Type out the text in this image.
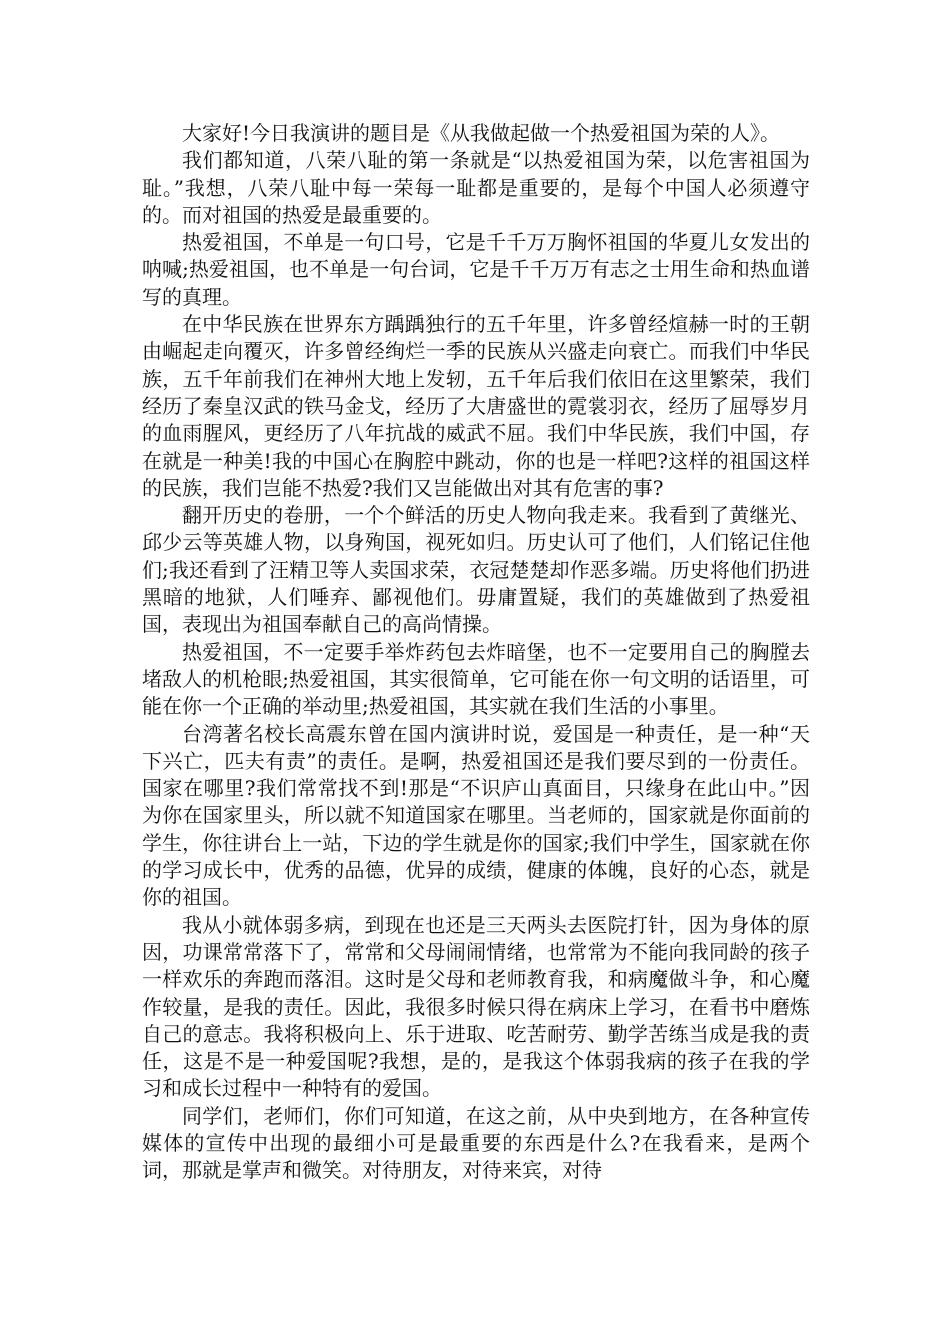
大家好!今日我演讲的题目是《从我做起做一个热爱祖国为荣的人》。

我们都知道，八荣八耻的第一条就是“以热爱祖国为荣，以危害祖国为耻。”我想，八荣八耻中每一荣每一耻都是重要的，是每个中国人必须遵守的。而对祖国的热爱是最重要的。

热爱祖国，不单是一句口号，它是千千万万胸怀祖国的华夏儿女发出的呐喊;热爱祖国，也不单是一句台词，它是千千万万有志之士用生命和热血谱写的真理。

在中华民族在世界东方踽踽独行的五千年里，许多曾经煊赫一时的王朝由崛起走向覆灭，许多曾经绚烂一季的民族从兴盛走向衰亡。而我们中华民族，五千年前我们在神州大地上发轫，五千年后我们依旧在这里繁荣，我们经历了秦皇汉武的铁马金戈，经历了大唐盛世的霓裳羽衣，经历了屈辱岁月的血雨腥风，更经历了八年抗战的威武不屈。我们中华民族，我们中国，存在就是一种美!我的中国心在胸腔中跳动，你的也是一样吧?这样的祖国这样的民族，我们岂能不热爱?我们又岂能做出对其有危害的事?

翻开历史的卷册，一个个鲜活的历史人物向我走来。我看到了黄继光、邱少云等英雄人物，以身殉国，视死如归。历史认可了他们，人们铭记住他们;我还看到了汪精卫等人卖国求荣，衣冠楚楚却作恶多端。历史将他们扔进黑暗的地狱，人们唾弃、鄙视他们。毋庸置疑，我们的英雄做到了热爱祖国，表现出为祖国奉献自己的高尚情操。

热爱祖国，不一定要手举炸药包去炸暗堡，也不一定要用自己的胸膛去堵敌人的机枪眼;热爱祖国，其实很简单，它可能在你一句文明的话语里，可能在你一个正确的举动里;热爱祖国，其实就在我们生活的小事里。

台湾著名校长高震东曾在国内演讲时说，爱国是一种责任，是一种“天下兴亡，匹夫有责”的责任。是啊，热爱祖国还是我们要尽到的一份责任。国家在哪里?我们常常找不到!那是“不识庐山真面目，只缘身在此山中。”因为你在国家里头，所以就不知道国家在哪里。当老师的，国家就是你面前的学生，你往讲台上一站，下边的学生就是你的国家;我们中学生，国家就在你的学习成长中，优秀的品德，优异的成绩，健康的体魄，良好的心态，就是你的祖国。

我从小就体弱多病，到现在也还是三天两头去医院打针，因为身体的原因，功课常常落下了，常常和父母闹闹情绪，也常常为不能向我同龄的孩子一样欢乐的奔跑而落泪。这时是父母和老师教育我，和病魔做斗争，和心魔作较量，是我的责任。因此，我很多时候只得在病床上学习，在看书中磨炼自己的意志。我将积极向上、乐于进取、吃苦耐劳、勤学苦练当成是我的责任，这是不是一种爱国呢?我想，是的，是我这个体弱我病的孩子在我的学习和成长过程中一种特有的爱国。

同学们，老师们，你们可知道，在这之前，从中央到地方，在各种宣传媒体的宣传中出现的最细小可是最重要的东西是什么?在我看来，是两个词，那就是掌声和微笑。对待朋友，对待来宾，对待
